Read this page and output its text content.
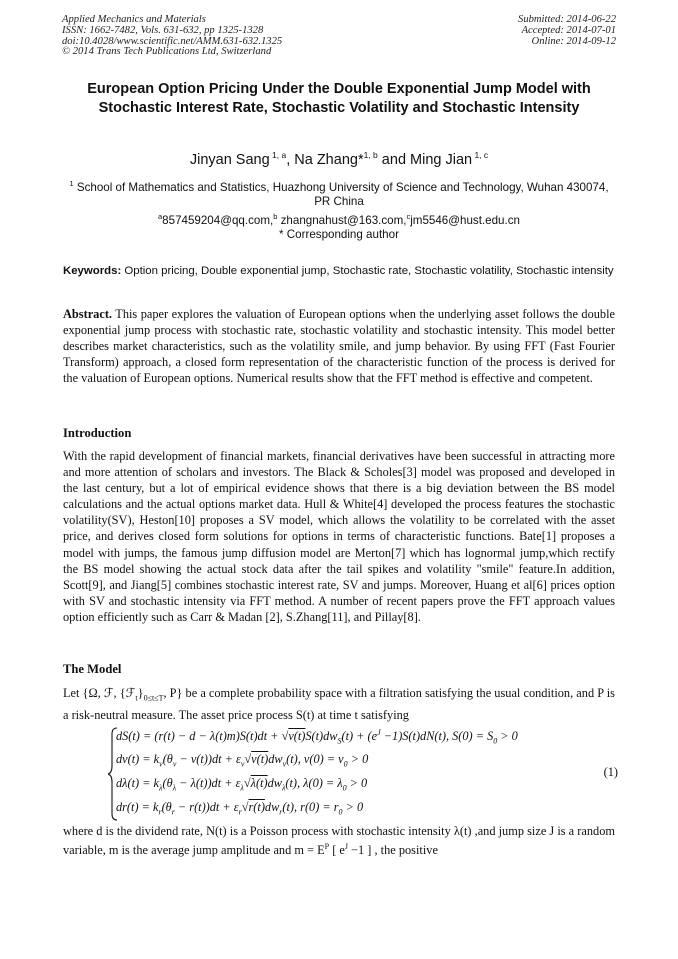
Applied Mechanics and Materials
ISSN: 1662-7482, Vols. 631-632, pp 1325-1328
doi:10.4028/www.scientific.net/AMM.631-632.1325
© 2014 Trans Tech Publications Ltd, Switzerland
Submitted: 2014-06-22
Accepted: 2014-07-01
Online: 2014-09-12
European Option Pricing Under the Double Exponential Jump Model with Stochastic Interest Rate, Stochastic Volatility and Stochastic Intensity
Jinyan Sang $^{1, a}$, Na Zhang*$^{1, b}$ and Ming Jian $^{1, c}$
$^1$ School of Mathematics and Statistics, Huazhong University of Science and Technology, Wuhan 430074, PR China
$^a$857459204@qq.com,$^b$ zhangnahust@163.com,$^c$jm5546@hust.edu.cn
* Corresponding author
Keywords: Option pricing, Double exponential jump, Stochastic rate, Stochastic volatility, Stochastic intensity
Abstract. This paper explores the valuation of European options when the underlying asset follows the double exponential jump process with stochastic rate, stochastic volatility and stochastic intensity. This model better describes market characteristics, such as the volatility smile, and jump behavior. By using FFT (Fast Fourier Transform) approach, a closed form representation of the characteristic function of the process is derived for the valuation of European options. Numerical results show that the FFT method is effective and competent.
Introduction
With the rapid development of financial markets, financial derivatives have been successful in attracting more and more attention of scholars and investors. The Black & Scholes[3] model was proposed and developed in the last century, but a lot of empirical evidence shows that there is a big deviation between the BS model calculations and the actual options market data. Hull & White[4] developed the process features the stochastic volatility(SV), Heston[10] proposes a SV model, which allows the volatility to be correlated with the asset price, and derives closed form solutions for options in terms of characteristic functions. Bate[1] proposes a model with jumps, the famous jump diffusion model are Merton[7] which has lognormal jump,which rectify the BS model showing the actual stock data after the tail spikes and volatility "smile" feature.In addition, Scott[9], and Jiang[5] combines stochastic interest rate, SV and jumps. Moreover, Huang et al[6] prices option with SV and stochastic intensity via FFT method. A number of recent papers prove the FFT approach values option efficiently such as Carr & Madan [2], S.Zhang[11], and Pillay[8].
The Model
Let {Ω, ℱ, $\{ℱ_t\}_{0\le t\le T}$, P} be a complete probability space with a filtration satisfying the usual condition, and P is a risk-neutral measure. The asset price process S(t) at time t satisfying
$dS(t) = (r(t) - d - \lambda(t)m)S(t)dt + √v(t)S(t)dw_S(t) + (e^J -1)S(t)dN(t)$, $S(0) = S_0 > 0$
$dv(t) = k_v(\theta_v - v(t))dt + \varepsilon_v√v(t)dw_v(t)$, $v(0) = v_0 > 0$
$d\lambda(t) = k_\lambda(\theta_\lambda - \lambda(t))dt + \varepsilon_\lambda√\lambda(t)dw_\lambda(t)$, $\lambda(0) = \lambda_0 > 0$
$dr(t) = k_r(\theta_r - r(t))dt + \varepsilon_r√r(t)dw_r(t)$, $r(0) = r_0 > 0$
(1)
where d is the dividend rate, N(t) is a Poisson process with stochastic intensity λ(t) ,and jump size J is a random variable, m is the average jump amplitude and $m = E^P$ [ $e^J -1$ ] , the positive
